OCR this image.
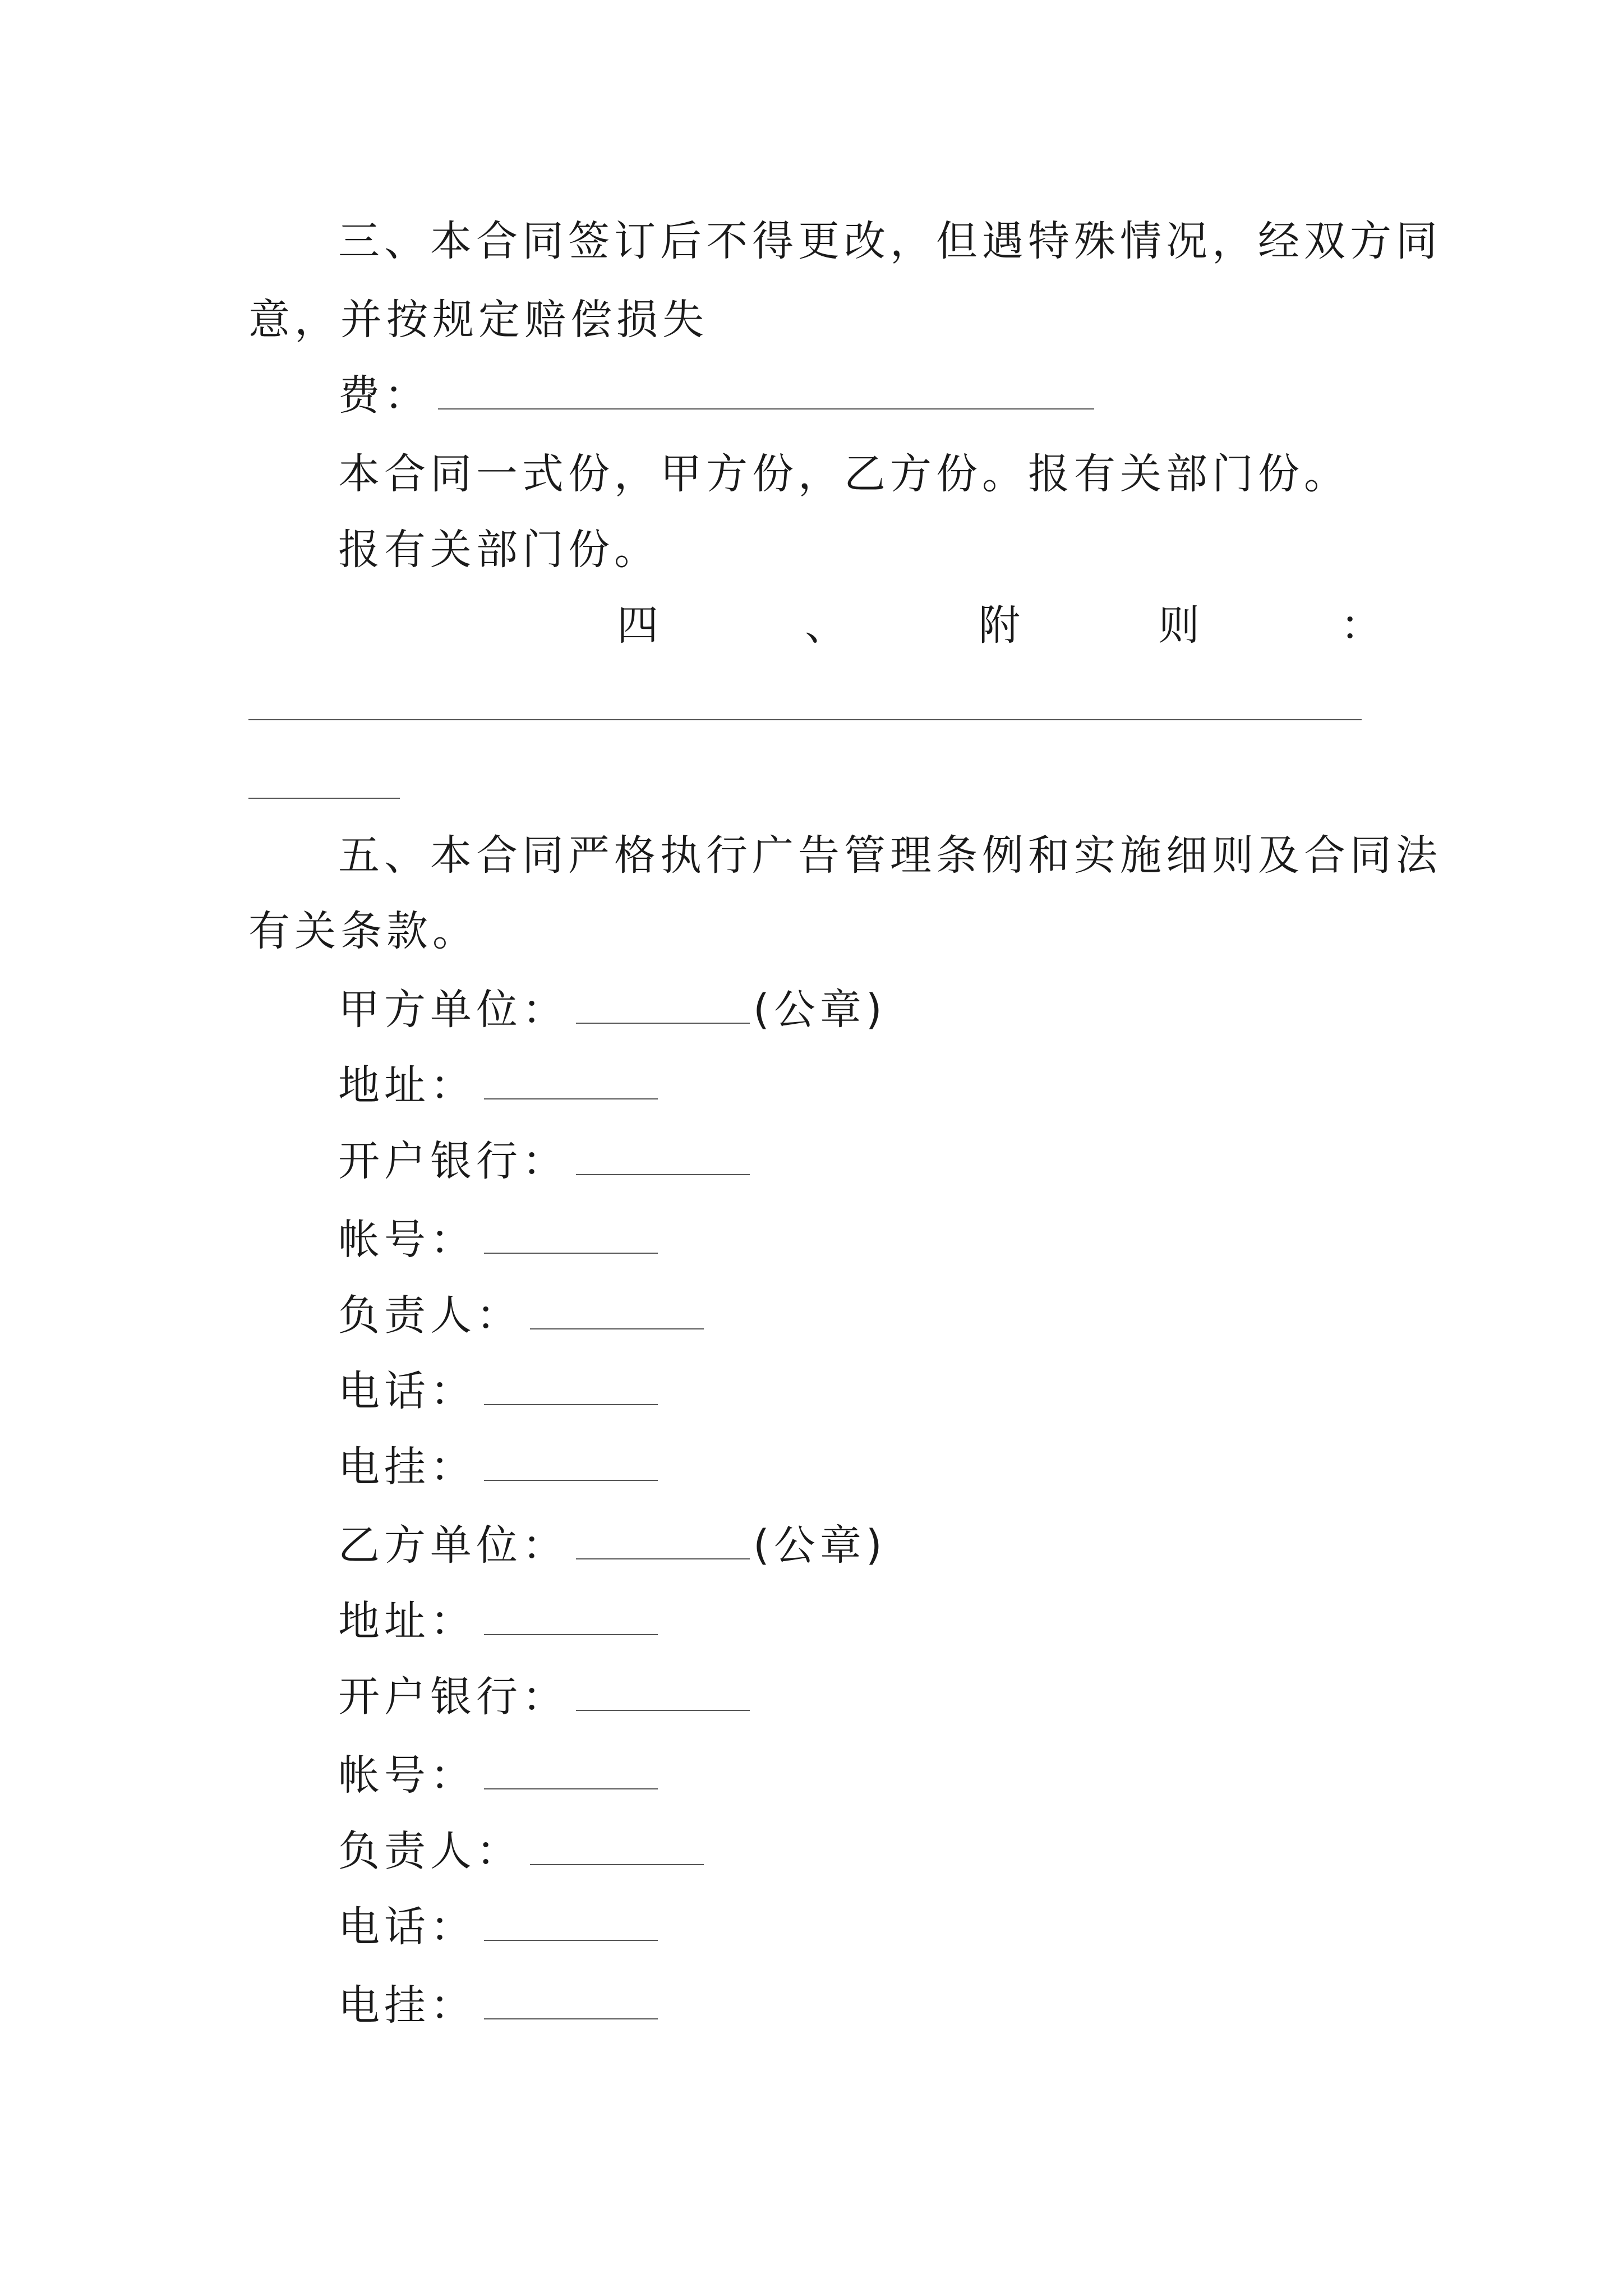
三、本合同签订后不得更改，但遇特殊情况，经双方同
意，并按规定赔偿损失
费：
本合同一式份，甲方份，乙方份。报有关部门份。
报有关部门份。
四	、	附	则	：
五、本合同严格执行广告管理条例和实施细则及合同法
有关条款。
甲方单位：	(公章)
地址：
开户银行：
帐号：
负责人：
电话：
电挂：
乙方单位：	(公章)
地址：
开户银行：
帐号：
负责人：
电话：
电挂：
